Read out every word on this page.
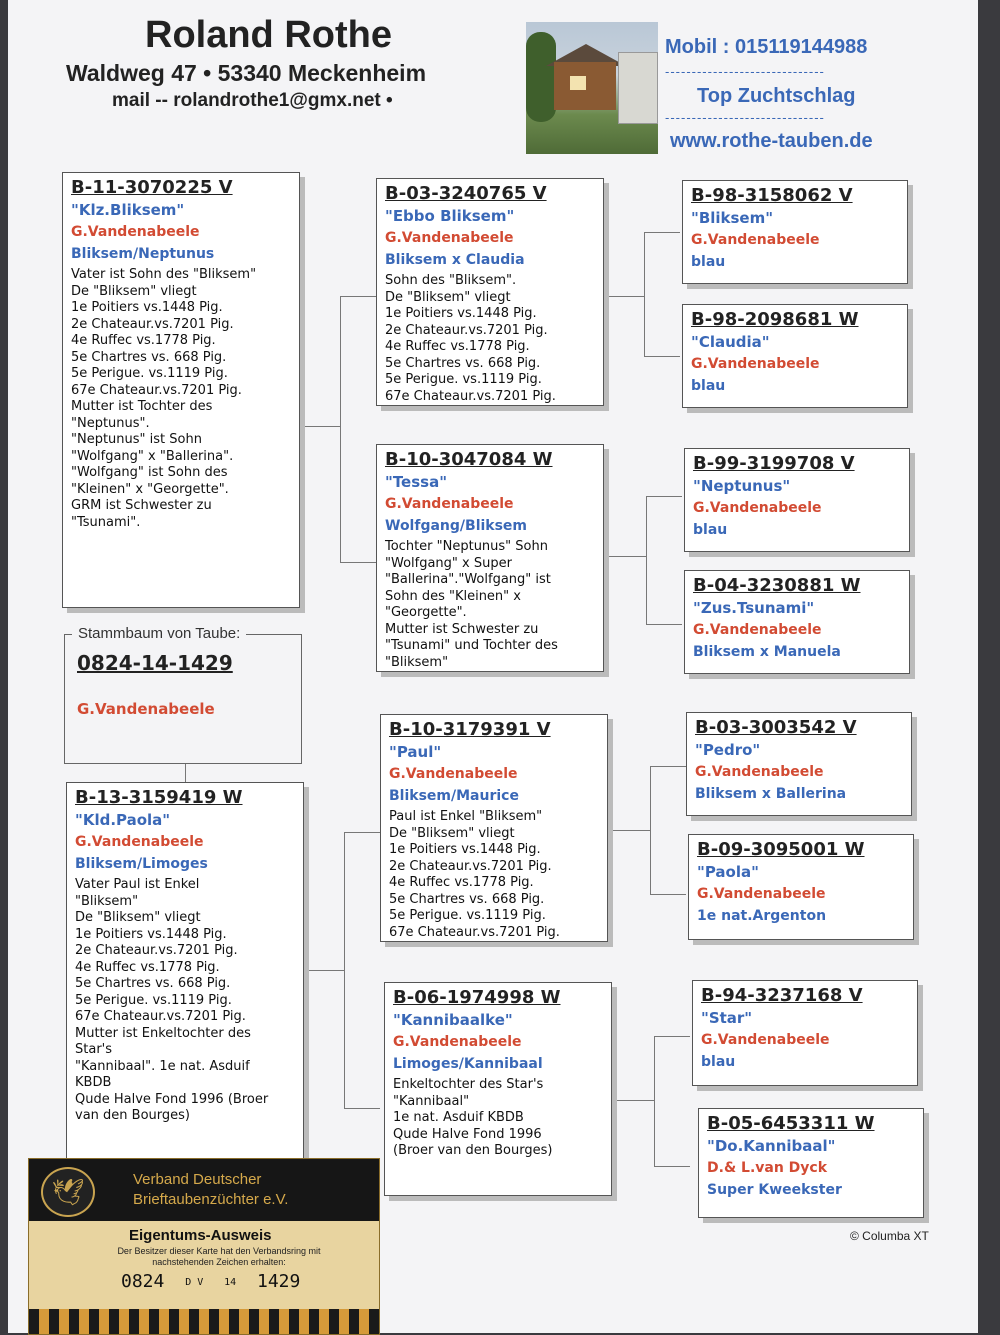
Roland Rothe
Waldweg 47 • 53340 Meckenheim
mail -- rolandrothe1@gmx.net •
Mobil : 015119144988
------------------------------
Top Zuchtschlag
------------------------------
www.rothe-tauben.de
B-11-3070225 V
"Klz.Bliksem"
G.Vandenabeele
Bliksem/Neptunus
Vater ist Sohn des "Bliksem"
De "Bliksem" vliegt
1e Poitiers vs.1448 Pig.
2e Chateaur.vs.7201 Pig.
4e Ruffec vs.1778 Pig.
5e Chartres vs. 668 Pig.
5e Perigue. vs.1119 Pig.
67e Chateaur.vs.7201 Pig.
Mutter ist Tochter des
"Neptunus".
"Neptunus" ist Sohn
"Wolfgang" x "Ballerina".
"Wolfgang" ist Sohn des
"Kleinen" x "Georgette".
GRM ist Schwester zu
"Tsunami".
Stammbaum von Taube:
0824-14-1429
G.Vandenabeele
B-13-3159419 W
"Kld.Paola"
G.Vandenabeele
Bliksem/Limoges
Vater Paul ist Enkel
"Bliksem"
De "Bliksem" vliegt
1e Poitiers vs.1448 Pig.
2e Chateaur.vs.7201 Pig.
4e Ruffec vs.1778 Pig.
5e Chartres vs. 668 Pig.
5e Perigue. vs.1119 Pig.
67e Chateaur.vs.7201 Pig.
Mutter ist Enkeltochter des
Star's
"Kannibaal". 1e nat. Asduif
KBDB
Qude Halve Fond 1996 (Broer
van den Bourges)
B-03-3240765 V
"Ebbo Bliksem"
G.Vandenabeele
Bliksem x Claudia
Sohn des "Bliksem".
De "Bliksem" vliegt
1e Poitiers vs.1448 Pig.
2e Chateaur.vs.7201 Pig.
4e Ruffec vs.1778 Pig.
5e Chartres vs. 668 Pig.
5e Perigue. vs.1119 Pig.
67e Chateaur.vs.7201 Pig.
B-10-3047084 W
"Tessa"
G.Vandenabeele
Wolfgang/Bliksem
Tochter "Neptunus" Sohn
"Wolfgang" x Super
"Ballerina"."Wolfgang" ist
Sohn des "Kleinen" x
"Georgette".
Mutter ist Schwester zu
"Tsunami" und Tochter des
"Bliksem"
B-10-3179391 V
"Paul"
G.Vandenabeele
Bliksem/Maurice
Paul ist Enkel "Bliksem"
De "Bliksem" vliegt
1e Poitiers vs.1448 Pig.
2e Chateaur.vs.7201 Pig.
4e Ruffec vs.1778 Pig.
5e Chartres vs. 668 Pig.
5e Perigue. vs.1119 Pig.
67e Chateaur.vs.7201 Pig.
B-06-1974998 W
"Kannibaalke"
G.Vandenabeele
Limoges/Kannibaal
Enkeltochter des Star's
"Kannibaal"
1e nat. Asduif KBDB
Qude Halve Fond 1996
(Broer van den Bourges)
B-98-3158062 V
"Bliksem"
G.Vandenabeele
blau
B-98-2098681 W
"Claudia"
G.Vandenabeele
blau
B-99-3199708 V
"Neptunus"
G.Vandenabeele
blau
B-04-3230881 W
"Zus.Tsunami"
G.Vandenabeele
Bliksem x Manuela
B-03-3003542 V
"Pedro"
G.Vandenabeele
Bliksem x Ballerina
B-09-3095001 W
"Paola"
G.Vandenabeele
1e nat.Argenton
B-94-3237168 V
"Star"
G.Vandenabeele
blau
B-05-6453311 W
"Do.Kannibaal"
D.& L.van Dyck
Super Kweekster
© Columba XT
🕊	Verband Deutscher
Brieftaubenzüchter e.V.
Eigentums-Ausweis
Der Besitzer dieser Karte hat den Verbandsring mit nachstehenden Zeichen erhalten:
0824 D V 14 1429
